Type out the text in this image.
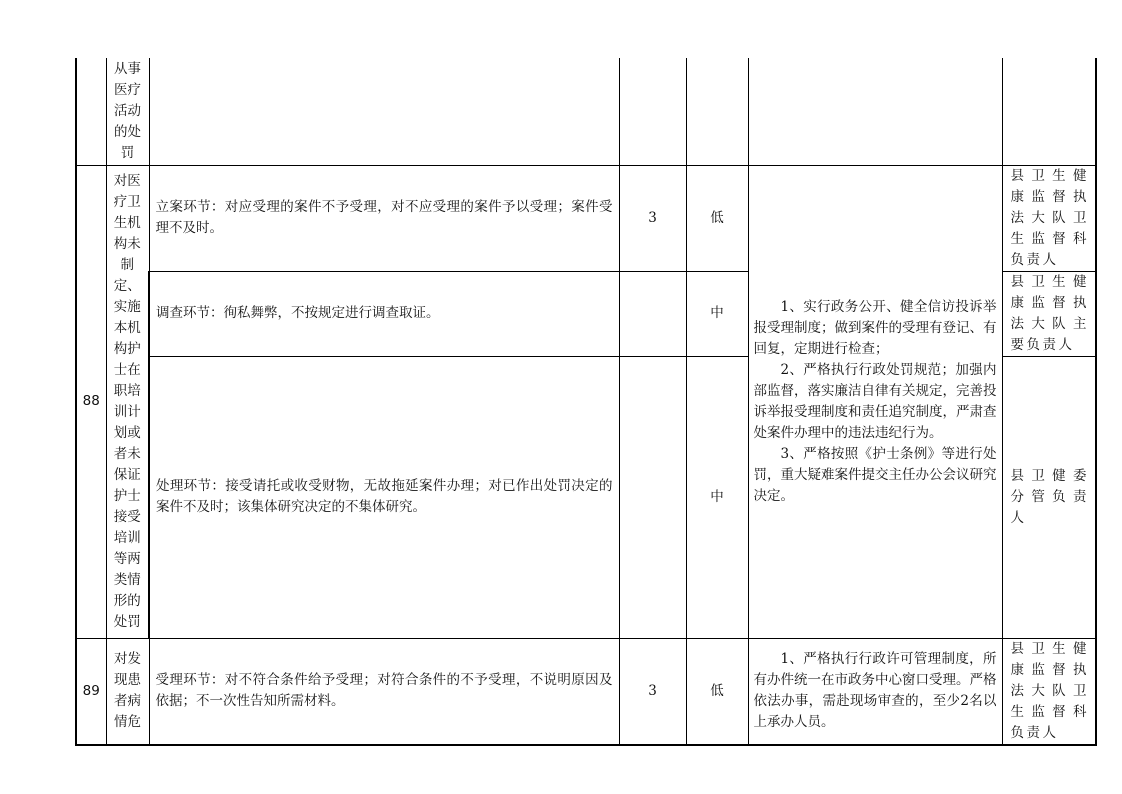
	从事医疗活动的处罚					

88	对医疗卫生机构未制定、实施本机构护士在职培训计划或者未保证护士接受培训等两类情形的处罚	立案环节：对应受理的案件不予受理，对不应受理的案件予以受理；案件受理不及时。	3	低	1、实行政务公开、健全信访投诉举报受理制度；做到案件的受理有登记、有回复，定期进行检查；

2、严格执行行政处罚规范；加强内部监督，落实廉洁自律有关规定，完善投诉举报受理制度和责任追究制度，严肃查处案件办理中的违法违纪行为。

3、严格按照《护士条例》等进行处罚，重大疑难案件提交主任办公会议研究决定。	县卫生健康监督执法大队卫生监督科负责人
		调查环节：徇私舞弊，不按规定进行调查取证。		中		县卫生健康监督执法大队主要负责人
		处理环节：接受请托或收受财物，无故拖延案件办理；对已作出处罚决定的案件不及时；该集体研究决定的不集体研究。		中		县卫健委分管负责人
89	对发现患者病情危	受理环节：对不符合条件给予受理；对符合条件的不予受理，不说明原因及依据；不一次性告知所需材料。	3	低	1、严格执行行政许可管理制度，所有办件统一在市政务中心窗口受理。严格依法办事，需赴现场审查的，至少2名以上承办人员。	县卫生健康监督执法大队卫生监督科负责人
